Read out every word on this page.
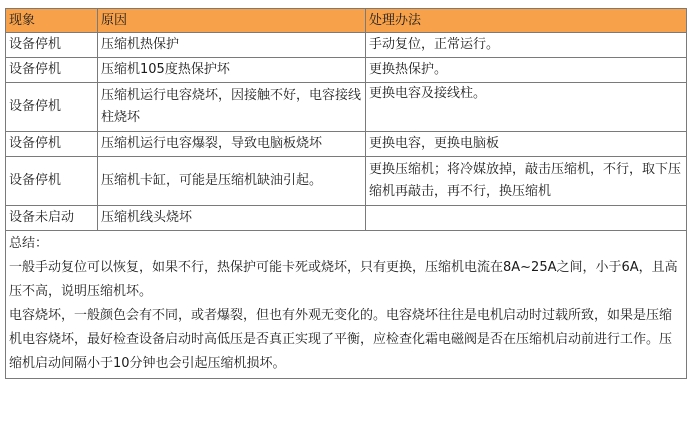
现象	原因	处理办法
设备停机	压缩机热保护	手动复位，正常运行。
设备停机	压缩机105度热保护坏	更换热保护。
设备停机	压缩机运行电容烧坏，因接触不好，电容接线柱烧坏	更换电容及接线柱。
设备停机	压缩机运行电容爆裂，导致电脑板烧坏	更换电容，更换电脑板
设备停机	压缩机卡缸，可能是压缩机缺油引起。	更换压缩机；将冷媒放掉，敲击压缩机，不行，取下压缩机再敲击，再不行，换压缩机
设备未启动	压缩机线头烧坏	

总结：

一般手动复位可以恢复，如果不行，热保护可能卡死或烧坏，只有更换，压缩机电流在8A~25A之间，小于6A，且高压不高，说明压缩机坏。

电容烧坏，一般颜色会有不同，或者爆裂，但也有外观无变化的。电容烧坏往往是电机启动时过载所致，如果是压缩机电容烧坏，最好检查设备启动时高低压是否真正实现了平衡，应检查化霜电磁阀是否在压缩机启动前进行工作。压缩机启动间隔小于10分钟也会引起压缩机损坏。		
